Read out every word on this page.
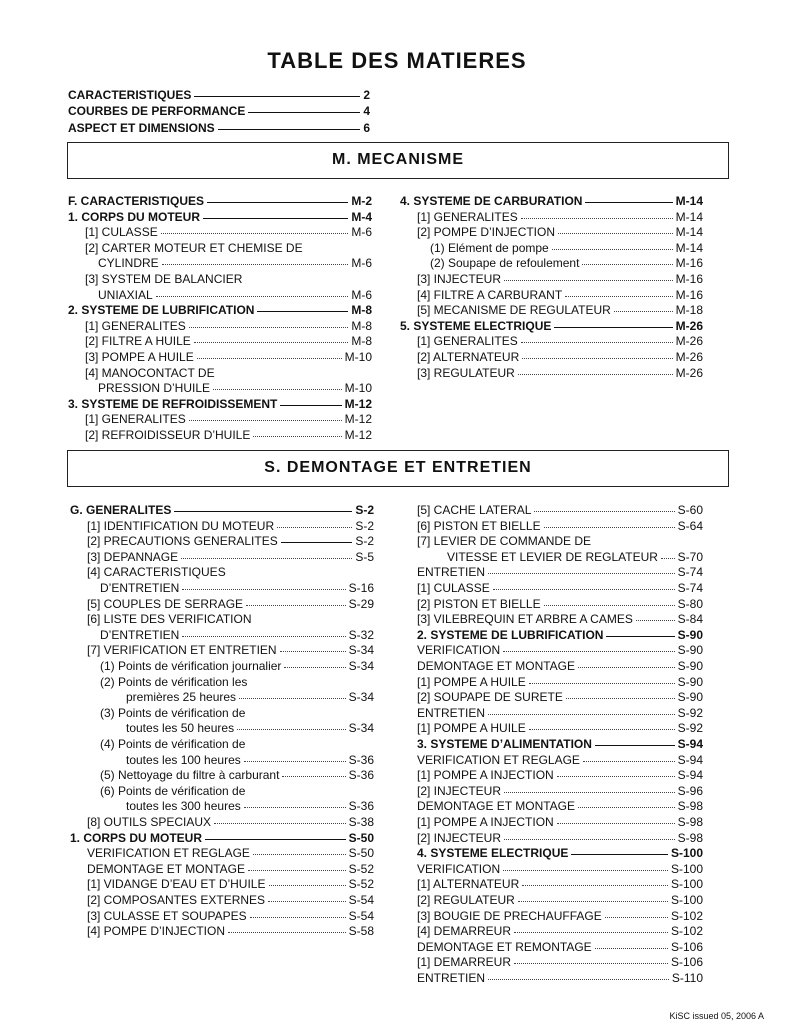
TABLE DES MATIERES
M. MECANISME
S. DEMONTAGE ET ENTRETIEN
CARACTERISTIQUES	2
COURBES DE PERFORMANCE	4
ASPECT ET DIMENSIONS	6
F. CARACTERISTIQUES	M-2
1. CORPS DU MOTEUR	M-4
[1] CULASSE	M-6
[2] CARTER MOTEUR ET CHEMISE DE
CYLINDRE	M-6
[3] SYSTEM DE BALANCIER
UNIAXIAL	M-6
2. SYSTEME DE LUBRIFICATION	M-8
[1] GENERALITES	M-8
[2] FILTRE A HUILE	M-8
[3] POMPE A HUILE	M-10
[4] MANOCONTACT DE
PRESSION D’HUILE	M-10
3. SYSTEME DE REFROIDISSEMENT	M-12
[1] GENERALITES	M-12
[2] REFROIDISSEUR D’HUILE	M-12
4. SYSTEME DE CARBURATION	M-14
[1] GENERALITES	M-14
[2] POMPE D’INJECTION	M-14
(1) Elément de pompe	M-14
(2) Soupape de refoulement	M-16
[3] INJECTEUR	M-16
[4] FILTRE A CARBURANT	M-16
[5] MECANISME DE REGULATEUR	M-18
5. SYSTEME ELECTRIQUE	M-26
[1] GENERALITES	M-26
[2] ALTERNATEUR	M-26
[3] REGULATEUR	M-26
G. GENERALITES	S-2
[1] IDENTIFICATION DU MOTEUR	S-2
[2] PRECAUTIONS GENERALITES	S-2
[3] DEPANNAGE	S-5
[4] CARACTERISTIQUES
D’ENTRETIEN	S-16
[5] COUPLES DE SERRAGE	S-29
[6] LISTE DES VERIFICATION
D’ENTRETIEN	S-32
[7] VERIFICATION ET ENTRETIEN	S-34
(1) Points de vérification journalier	S-34
(2) Points de vérification les
premières 25 heures	S-34
(3) Points de vérification de
toutes les 50 heures	S-34
(4) Points de vérification de
toutes les 100 heures	S-36
(5) Nettoyage du filtre à carburant	S-36
(6) Points de vérification de
toutes les 300 heures	S-36
[8] OUTILS SPECIAUX	S-38
1. CORPS DU MOTEUR	S-50
VERIFICATION ET REGLAGE	S-50
DEMONTAGE ET MONTAGE	S-52
[1] VIDANGE D’EAU ET D’HUILE	S-52
[2] COMPOSANTES EXTERNES	S-54
[3] CULASSE ET SOUPAPES	S-54
[4] POMPE D’INJECTION	S-58
[5] CACHE LATERAL	S-60
[6] PISTON ET BIELLE	S-64
[7] LEVIER DE COMMANDE DE
VITESSE ET LEVIER DE REGLATEUR S-70
ENTRETIEN	S-74
[1] CULASSE	S-74
[2] PISTON ET BIELLE	S-80
[3] VILEBREQUIN ET ARBRE A CAMES	S-84
2. SYSTEME DE LUBRIFICATION	S-90
VERIFICATION	S-90
DEMONTAGE ET MONTAGE	S-90
[1] POMPE A HUILE	S-90
[2] SOUPAPE DE SURETE	S-90
ENTRETIEN	S-92
[1] POMPE A HUILE	S-92
3. SYSTEME D’ALIMENTATION	S-94
VERIFICATION ET REGLAGE	S-94
[1] POMPE A INJECTION	S-94
[2] INJECTEUR	S-96
DEMONTAGE ET MONTAGE	S-98
[1] POMPE A INJECTION	S-98
[2] INJECTEUR	S-98
4. SYSTEME ELECTRIQUE	S-100
VERIFICATION	S-100
[1] ALTERNATEUR	S-100
[2] REGULATEUR	S-100
[3] BOUGIE DE PRECHAUFFAGE	S-102
[4] DEMARREUR	S-102
DEMONTAGE ET REMONTAGE	S-106
[1] DEMARREUR	S-106
ENTRETIEN	S-110
KiSC issued 05, 2006 A
